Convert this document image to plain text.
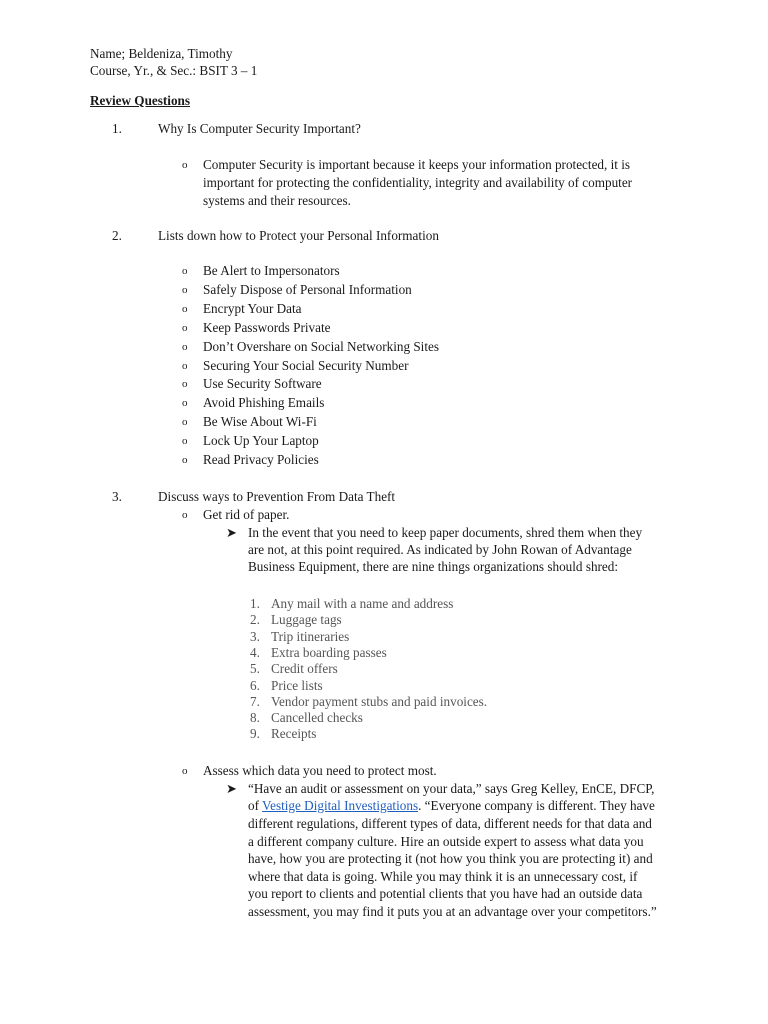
Name; Beldeniza, Timothy
Course, Yr., & Sec.: BSIT 3 – 1
Review Questions
1.	Why Is Computer Security Important?
o Computer Security is important because it keeps your information protected, it is
important for protecting the confidentiality, integrity and availability of computer
systems and their resources.
2.	Lists down how to Protect your Personal Information
o Be Alert to Impersonators
o Safely Dispose of Personal Information
o Encrypt Your Data
o Keep Passwords Private
o Don’t Overshare on Social Networking Sites
o Securing Your Social Security Number
o Use Security Software
o Avoid Phishing Emails
o Be Wise About Wi-Fi
o Lock Up Your Laptop
o Read Privacy Policies
3.	Discuss ways to Prevention From Data Theft
o Get rid of paper.
➤ In the event that you need to keep paper documents, shred them when they
are not, at this point required. As indicated by John Rowan of Advantage
Business Equipment, there are nine things organizations should shred:
1. Any mail with a name and address
2. Luggage tags
3. Trip itineraries
4. Extra boarding passes
5. Credit offers
6. Price lists
7. Vendor payment stubs and paid invoices.
8. Cancelled checks
9. Receipts
o Assess which data you need to protect most.
➤ “Have an audit or assessment on your data,” says Greg Kelley, EnCE, DFCP,
of Vestige Digital Investigations. “Everyone company is different. They have
different regulations, different types of data, different needs for that data and
a different company culture. Hire an outside expert to assess what data you
have, how you are protecting it (not how you think you are protecting it) and
where that data is going. While you may think it is an unnecessary cost, if
you report to clients and potential clients that you have had an outside data
assessment, you may find it puts you at an advantage over your competitors.”
